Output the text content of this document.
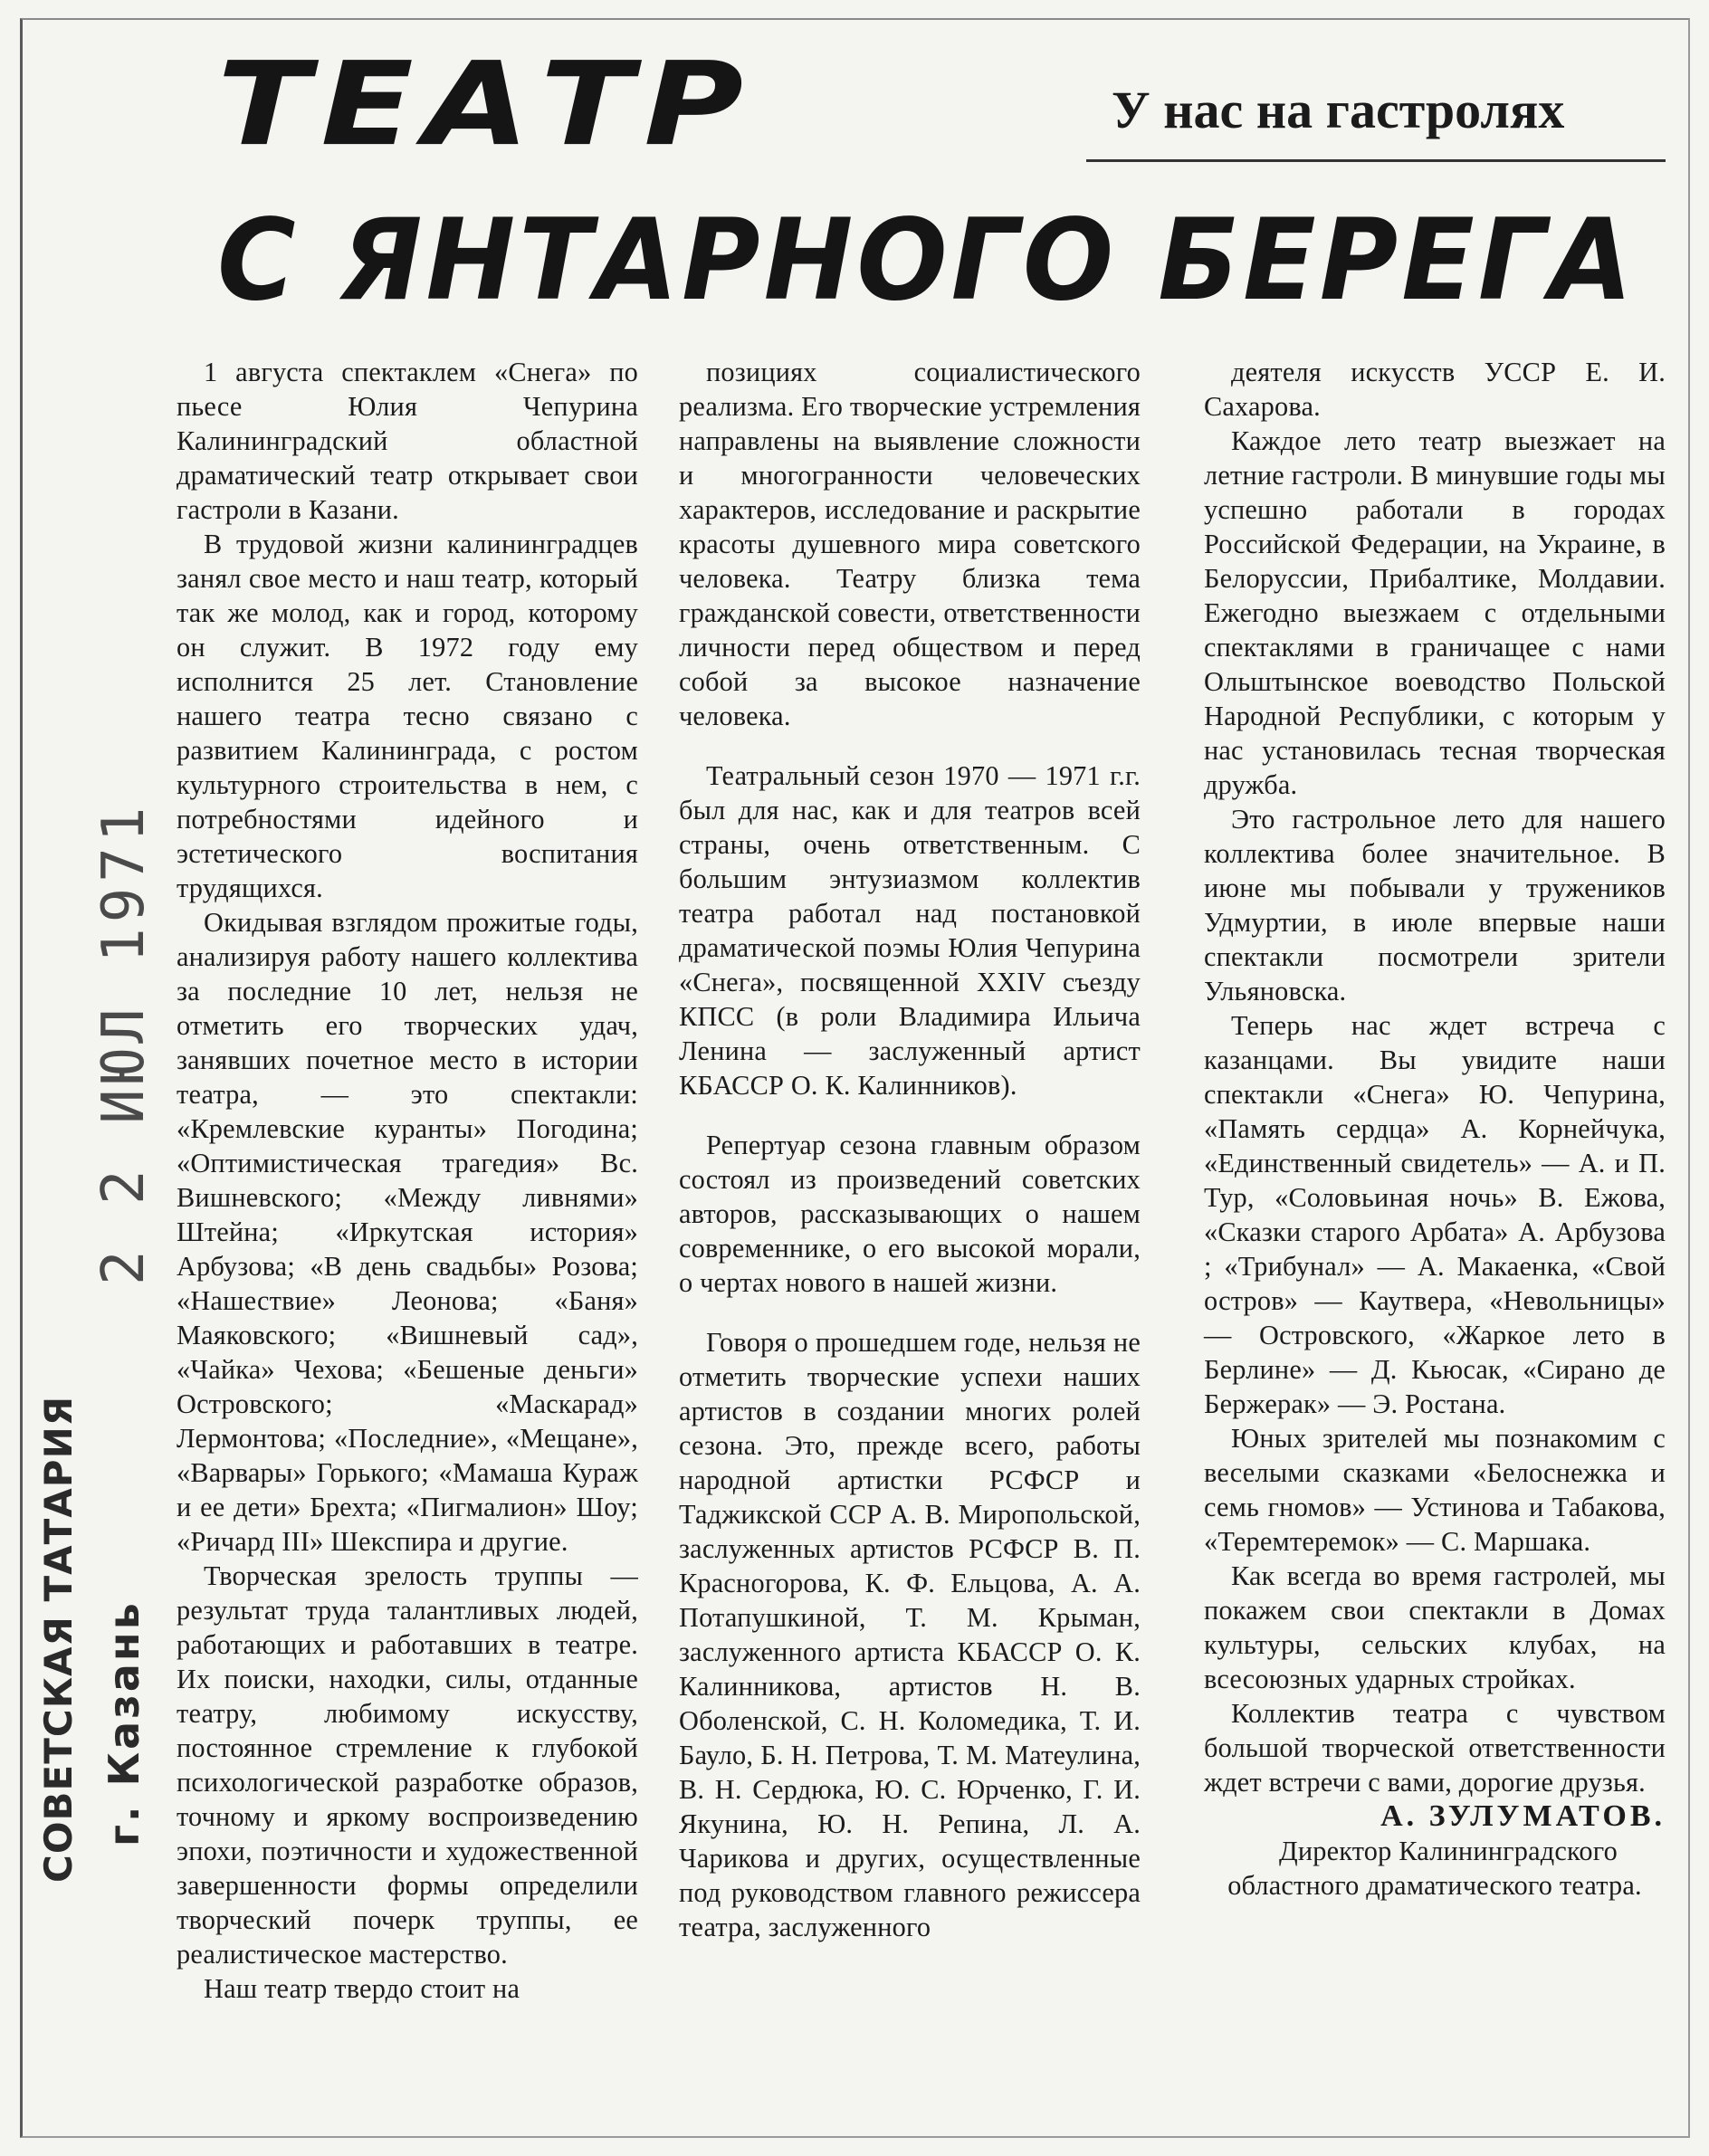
ТЕАТР
С ЯНТАРНОГО БЕРЕГА
У нас на гастролях

1 августа спектаклем «Снега» по пьесе Юлия Чепурина Калининградский областной драматический театр открывает свои гастроли в Казани.

В трудовой жизни калининградцев занял свое место и наш театр, который так же молод, как и город, которому он служит. В 1972 году ему исполнится 25 лет. Становление нашего театра тесно связано с развитием Калининграда, с ростом культурного строительства в нем, с потребностями идейного и эстетического воспитания трудящихся.

Окидывая взглядом прожитые годы, анализируя работу нашего коллектива за последние 10 лет, нельзя не отметить его творческих удач, занявших почетное место в истории театра, — это спектакли: «Кремлевские куранты» Погодина; «Оптимистическая трагедия» Вс. Вишневского; «Между ливнями» Штейна; «Иркутская история» Арбузова; «В день свадьбы» Розова; «Нашествие» Леонова; «Баня» Маяковского; «Вишневый сад», «Чайка» Чехова; «Бешеные деньги» Островского; «Маскарад» Лермонтова; «Последние», «Мещане», «Варвары» Горького; «Мамаша Кураж и ее дети» Брехта; «Пигмалион» Шоу; «Ричард III» Шекспира и другие.

Творческая зрелость труппы — результат труда талантливых людей, работающих и работавших в театре. Их поиски, находки, силы, отданные театру, любимому искусству, постоянное стремление к глубокой психологической разработке образов, точному и яркому воспроизведению эпохи, поэтичности и художественной завершенности формы определили творческий почерк труппы, ее реалистическое мастерство.

Наш театр твердо стоит на

позициях социалистического реализма. Его творческие устремления направлены на выявление сложности и многогранности человеческих характеров, исследование и раскрытие красоты душевного мира советского человека. Театру близка тема гражданской совести, ответственности личности перед обществом и перед собой за высокое назначение человека.

Театральный сезон 1970 — 1971 г.г. был для нас, как и для театров всей страны, очень ответственным. С большим энтузиазмом коллектив театра работал над постановкой драматической поэмы Юлия Чепурина «Снега», посвященной XXIV съезду КПСС (в роли Владимира Ильича Ленина — заслуженный артист КБАССР О. К. Калинников).

Репертуар сезона главным образом состоял из произведений советских авторов, рассказывающих о нашем современнике, о его высокой морали, о чертах нового в нашей жизни.

Говоря о прошедшем годе, нельзя не отметить творческие успехи наших артистов в создании многих ролей сезона. Это, прежде всего, работы народной артистки РСФСР и Таджикской ССР А. В. Миропольской, заслуженных артистов РСФСР В. П. Красногорова, К. Ф. Ельцова, А. А. Потапушкиной, Т. М. Крыман, заслуженного артиста КБАССР О. К. Калинникова, артистов Н. В. Оболенской, С. Н. Коломедика, Т. И. Бауло, Б. Н. Петрова, Т. М. Матеулина, В. Н. Сердюка, Ю. С. Юрченко, Г. И. Якунина, Ю. Н. Репина, Л. А. Чарикова и других, осуществленные под руководством главного режиссера театра, заслуженного

деятеля искусств УССР Е. И. Сахарова.

Каждое лето театр выезжает на летние гастроли. В минувшие годы мы успешно работали в городах Российской Федерации, на Украине, в Белоруссии, Прибалтике, Молдавии. Ежегодно выезжаем с отдельными спектаклями в граничащее с нами Ольштынское воеводство Польской Народной Республики, с которым у нас установилась тесная творческая дружба.

Это гастрольное лето для нашего коллектива более значительное. В июне мы побывали у тружеников Удмуртии, в июле впервые наши спектакли посмотрели зрители Ульяновска.

Теперь нас ждет встреча с казанцами. Вы увидите наши спектакли «Снега» Ю. Чепурина, «Память сердца» А. Корнейчука, «Единственный свидетель» — А. и П. Тур, «Соловьиная ночь» В. Ежова, «Сказки старого Арбата» А. Арбузова ; «Трибунал» — А. Макаенка, «Свой остров» — Каутвера, «Невольницы» — Островского, «Жаркое лето в Берлине» — Д. Кьюсак, «Сирано де Бержерак» — Э. Ростана.

Юных зрителей мы познакомим с веселыми сказками «Белоснежка и семь гномов» — Устинова и Табакова, «Теремтеремок» — С. Маршака.

Как всегда во время гастролей, мы покажем свои спектакли в Домах культуры, сельских клубах, на всесоюзных ударных стройках.

Коллектив театра с чувством большой творческой ответственности ждет встречи с вами, дорогие друзья.

А. ЗУЛУМАТОВ.

Директор Калининградского областного драматического театра.

СОВЕТСКАЯ ТАТАРИЯ г. Казань
2 2 ИЮЛ 1971
